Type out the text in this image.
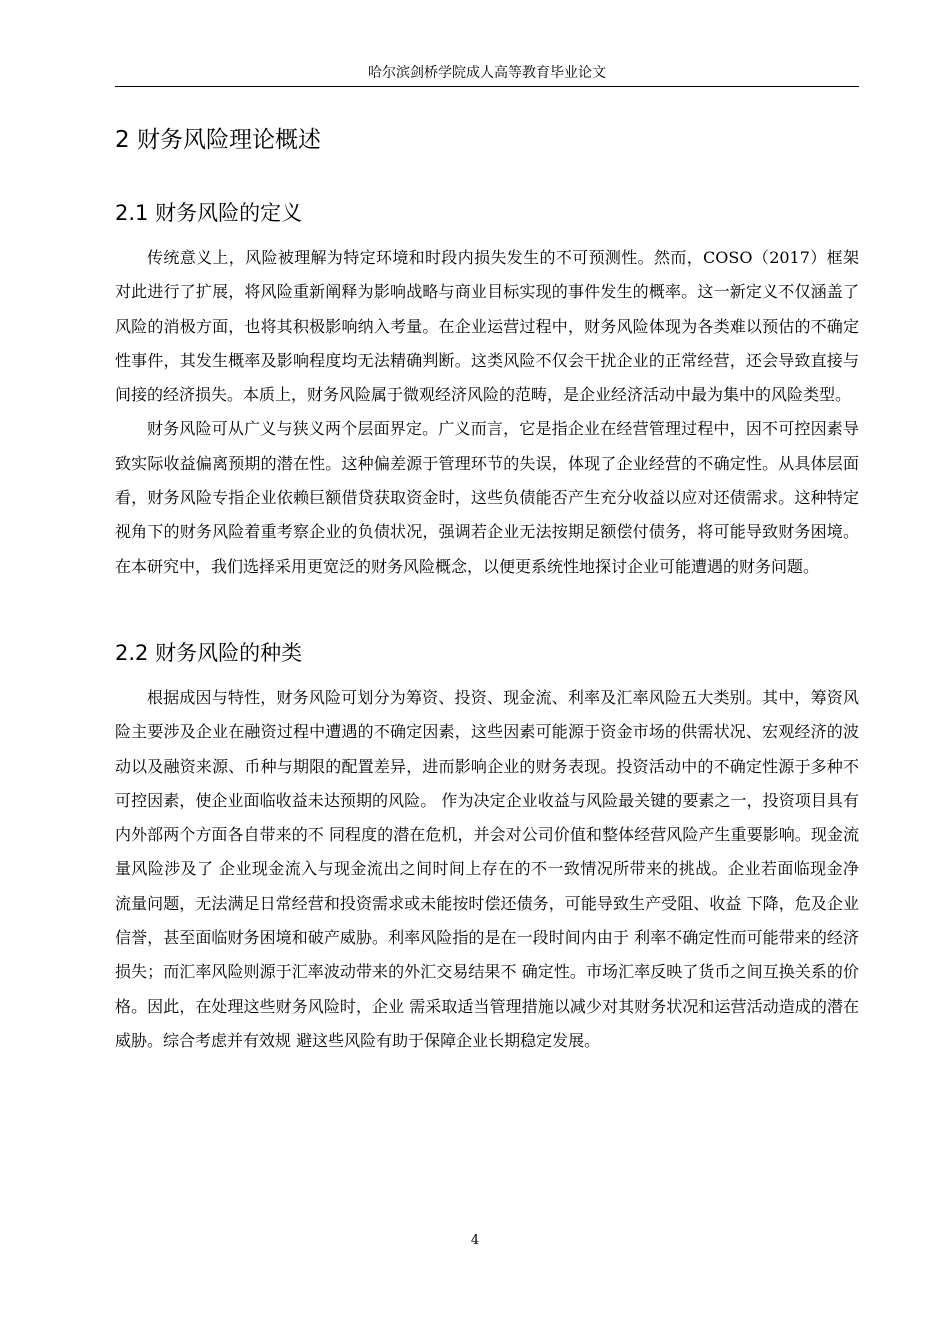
哈尔滨剑桥学院成人高等教育毕业论文
2 财务风险理论概述
2.1 财务风险的定义

传统意义上，风险被理解为特定环境和时段内损失发生的不可预测性。然而，COSO（2017）框架对此进行了扩展，将风险重新阐释为影响战略与商业目标实现的事件发生的概率。这一新定义不仅涵盖了风险的消极方面，也将其积极影响纳入考量。在企业运营过程中，财务风险体现为各类难以预估的不确定性事件，其发生概率及影响程度均无法精确判断。这类风险不仅会干扰企业的正常经营，还会导致直接与间接的经济损失。本质上，财务风险属于微观经济风险的范畴，是企业经济活动中最为集中的风险类型。

财务风险可从广义与狭义两个层面界定。广义而言，它是指企业在经营管理过程中，因不可控因素导致实际收益偏离预期的潜在性。这种偏差源于管理环节的失误，体现了企业经营的不确定性。从具体层面看，财务风险专指企业依赖巨额借贷获取资金时，这些负债能否产生充分收益以应对还债需求。这种特定视角下的财务风险着重考察企业的负债状况，强调若企业无法按期足额偿付债务，将可能导致财务困境。在本研究中，我们选择采用更宽泛的财务风险概念，以便更系统性地探讨企业可能遭遇的财务问题。

2.2 财务风险的种类

根据成因与特性，财务风险可划分为筹资、投资、现金流、利率及汇率风险五大类别。其中，筹资风险主要涉及企业在融资过程中遭遇的不确定因素，这些因素可能源于资金市场的供需状况、宏观经济的波动以及融资来源、币种与期限的配置差异，进而影响企业的财务表现。投资活动中的不确定性源于多种不可控因素，使企业面临收益未达预期的风险。 作为决定企业收益与风险最关键的要素之一，投资项目具有内外部两个方面各自带来的不 同程度的潜在危机，并会对公司价值和整体经营风险产生重要影响。现金流量风险涉及了 企业现金流入与现金流出之间时间上存在的不一致情况所带来的挑战。企业若面临现金净 流量问题，无法满足日常经营和投资需求或未能按时偿还债务，可能导致生产受阻、收益 下降，危及企业信誉，甚至面临财务困境和破产威胁。利率风险指的是在一段时间内由于 利率不确定性而可能带来的经济损失；而汇率风险则源于汇率波动带来的外汇交易结果不 确定性。市场汇率反映了货币之间互换关系的价格。因此，在处理这些财务风险时，企业 需采取适当管理措施以减少对其财务状况和运营活动造成的潜在威胁。综合考虑并有效规 避这些风险有助于保障企业长期稳定发展。

4
